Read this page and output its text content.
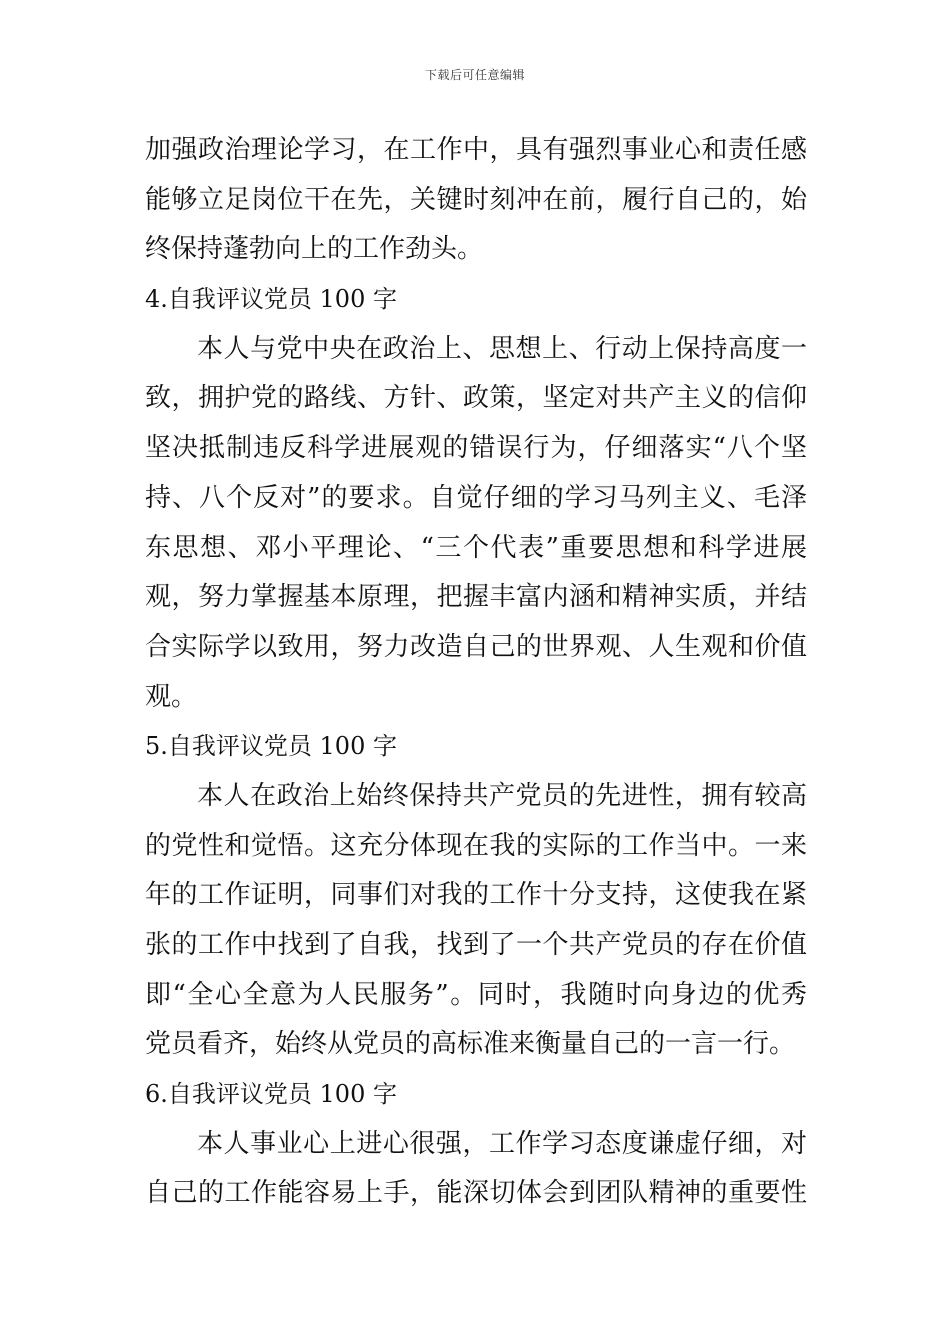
下载后可任意编辑
加强政治理论学习，在工作中，具有强烈事业心和责任感
能够立足岗位干在先，关键时刻冲在前，履行自己的，始
终保持蓬勃向上的工作劲头。
4.自我评议党员 100 字
本人与党中央在政治上、思想上、行动上保持高度一
致，拥护党的路线、方针、政策，坚定对共产主义的信仰
坚决抵制违反科学进展观的错误行为，仔细落实“八个坚
持、八个反对”的要求。自觉仔细的学习马列主义、毛泽
东思想、邓小平理论、“三个代表”重要思想和科学进展
观，努力掌握基本原理，把握丰富内涵和精神实质，并结
合实际学以致用，努力改造自己的世界观、人生观和价值
观。
5.自我评议党员 100 字
本人在政治上始终保持共产党员的先进性，拥有较高
的党性和觉悟。这充分体现在我的实际的工作当中。一来
年的工作证明，同事们对我的工作十分支持，这使我在紧
张的工作中找到了自我，找到了一个共产党员的存在价值
即“全心全意为人民服务”。同时，我随时向身边的优秀
党员看齐，始终从党员的高标准来衡量自己的一言一行。
6.自我评议党员 100 字
本人事业心上进心很强，工作学习态度谦虚仔细，对
自己的工作能容易上手，能深切体会到团队精神的重要性
